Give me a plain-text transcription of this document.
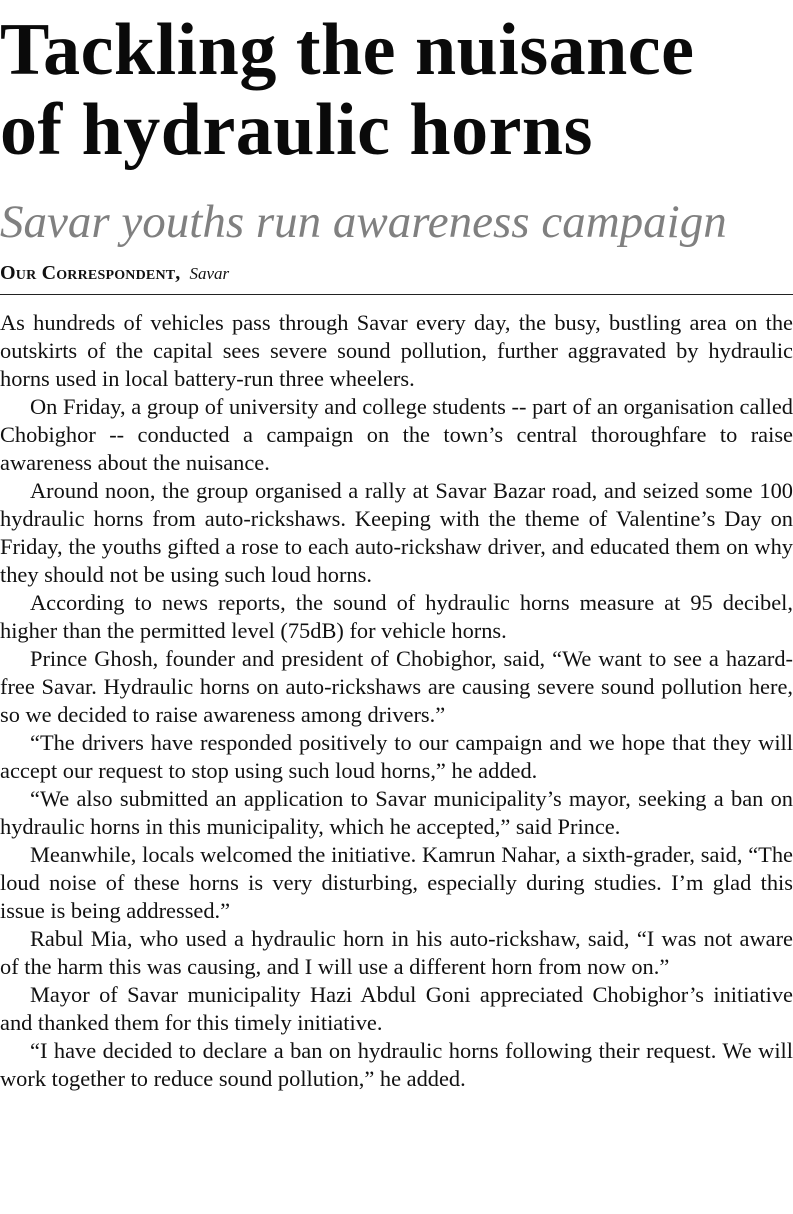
Tackling the nuisance
of hydraulic horns
Savar youths run awareness campaign
Our Correspondent, Savar

As hundreds of vehicles pass through Savar every day, the busy, bustling area on the outskirts of the capital sees severe sound pollution, further aggravated by hydraulic horns used in local battery-run three wheelers.

On Friday, a group of university and college students -- part of an organisation called Chobighor -- conducted a campaign on the town’s central thoroughfare to raise awareness about the nuisance.

Around noon, the group organised a rally at Savar Bazar road, and seized some 100 hydraulic horns from auto-rickshaws. Keeping with the theme of Valentine’s Day on Friday, the youths gifted a rose to each auto-rickshaw driver, and educated them on why they should not be using such loud horns.

According to news reports, the sound of hydraulic horns measure at 95 decibel, higher than the permitted level (75dB) for vehicle horns.

Prince Ghosh, founder and president of Chobighor, said, “We want to see a hazard-free Savar. Hydraulic horns on auto-rickshaws are causing severe sound pollution here, so we decided to raise awareness among drivers.”

“The drivers have responded positively to our campaign and we hope that they will accept our request to stop using such loud horns,” he added.

“We also submitted an application to Savar municipality’s mayor, seeking a ban on hydraulic horns in this municipality, which he accepted,” said Prince.

Meanwhile, locals welcomed the initiative. Kamrun Nahar, a sixth-grader, said, “The loud noise of these horns is very disturbing, especially during studies. I’m glad this issue is being addressed.”

Rabul Mia, who used a hydraulic horn in his auto-rickshaw, said, “I was not aware of the harm this was causing, and I will use a different horn from now on.”

Mayor of Savar municipality Hazi Abdul Goni appreciated Chobighor’s initiative and thanked them for this timely initiative.

“I have decided to declare a ban on hydraulic horns following their request. We will work together to reduce sound pollution,” he added.
